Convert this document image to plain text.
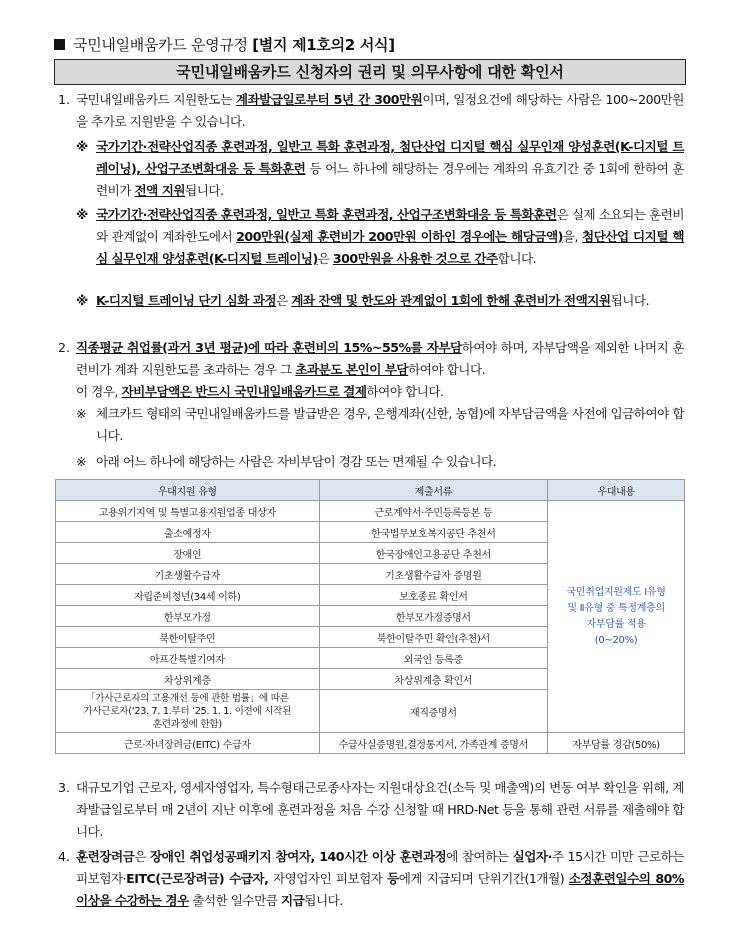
국민내일배움카드 운영규정 [별지 제1호의2 서식]
국민내일배움카드 신청자의 권리 및 의무사항에 대한 확인서
1. 국민내일배움카드 지원한도는 계좌발급일로부터 5년 간 300만원이며, 일정요건에 해당하는 사람은 100~200만원을 추가로 지원받을 수 있습니다.
※ 국가기간·전략산업직종 훈련과정, 일반고 특화 훈련과정, 첨단산업 디지털 핵심 실무인재 양성훈련(K-디지털 트레이닝), 산업구조변화대응 등 특화훈련 등 어느 하나에 해당하는 경우에는 계좌의 유효기간 중 1회에 한하여 훈련비가 전액 지원됩니다.
※ 국가기간·전략산업직종 훈련과정, 일반고 특화 훈련과정, 산업구조변화대응 등 특화훈련은 실제 소요되는 훈련비와 관계없이 계좌한도에서 200만원(실제 훈련비가 200만원 이하인 경우에는 해당금액)을, 첨단산업 디지털 핵심 실무인재 양성훈련(K-디지털 트레이닝)은 300만원을 사용한 것으로 간주합니다.
※ K-디지털 트레이닝 단기 심화 과정은 계좌 잔액 및 한도와 관계없이 1회에 한해 훈련비가 전액지원됩니다.
2. 직종평균 취업률(과거 3년 평균)에 따라 훈련비의 15%~55%를 자부담하여야 하며, 자부담액을 제외한 나머지 훈련비가 계좌 지원한도를 초과하는 경우 그 초과분도 본인이 부담하여야 합니다.
이 경우, 자비부담액은 반드시 국민내일배움카드로 결제하여야 합니다.
※ 체크카드 형태의 국민내일배움카드를 발급받은 경우, 은행계좌(신한, 농협)에 자부담금액을 사전에 입금하여야 합니다.
※ 아래 어느 하나에 해당하는 사람은 자비부담이 경감 또는 면제될 수 있습니다.
우대지원 유형	제출서류	우대내용
고용위기지역 및 특별고용지원업종 대상자	근로계약서·주민등록등본 등	국민취업지원제도 Ⅰ유형
및 Ⅱ유형 중 특정계층의
자부담률 적용
(0~20%)

출소예정자	한국법무보호복지공단 추천서	
장애인	한국장애인고용공단 추천서	
기초생활수급자	기초생활수급자 증명원	
자립준비청년(34세 이하)	보호종료 확인서	
한부모가정	한부모가정증명서	
북한이탈주민	북한이탈주민 확인(추천)서	
아프간특별기여자	외국인 등록증	
차상위계층	차상위계층 확인서	

「가사근로자의 고용개선 등에 관한 법률」에 따른
가사근로자(‘23. 7. 1.부터 ‘25. 1. 1. 이전에 시작된
훈련과정에 한함)	재직증명서	
근로·자녀장려금(EITC) 수급자	수급사실증명원,결정통지서, 가족관계 증명서	자부담률 경감(50%)
3. 대규모기업 근로자, 영세자영업자, 특수형태근로종사자는 지원대상요건(소득 및 매출액)의 변동 여부 확인을 위해, 계좌발급일로부터 매 2년이 지난 이후에 훈련과정을 처음 수강 신청할 때 HRD-Net 등을 통해 관련 서류를 제출해야 합니다.
4. 훈련장려금은 장애인 취업성공패키지 참여자, 140시간 이상 훈련과정에 참여하는 실업자·주 15시간 미만 근로하는 피보험자·EITC(근로장려금) 수급자, 자영업자인 피보험자 등에게 지급되며 단위기간(1개월) 소정훈련일수의 80% 이상을 수강하는 경우 출석한 일수만큼 지급됩니다.
